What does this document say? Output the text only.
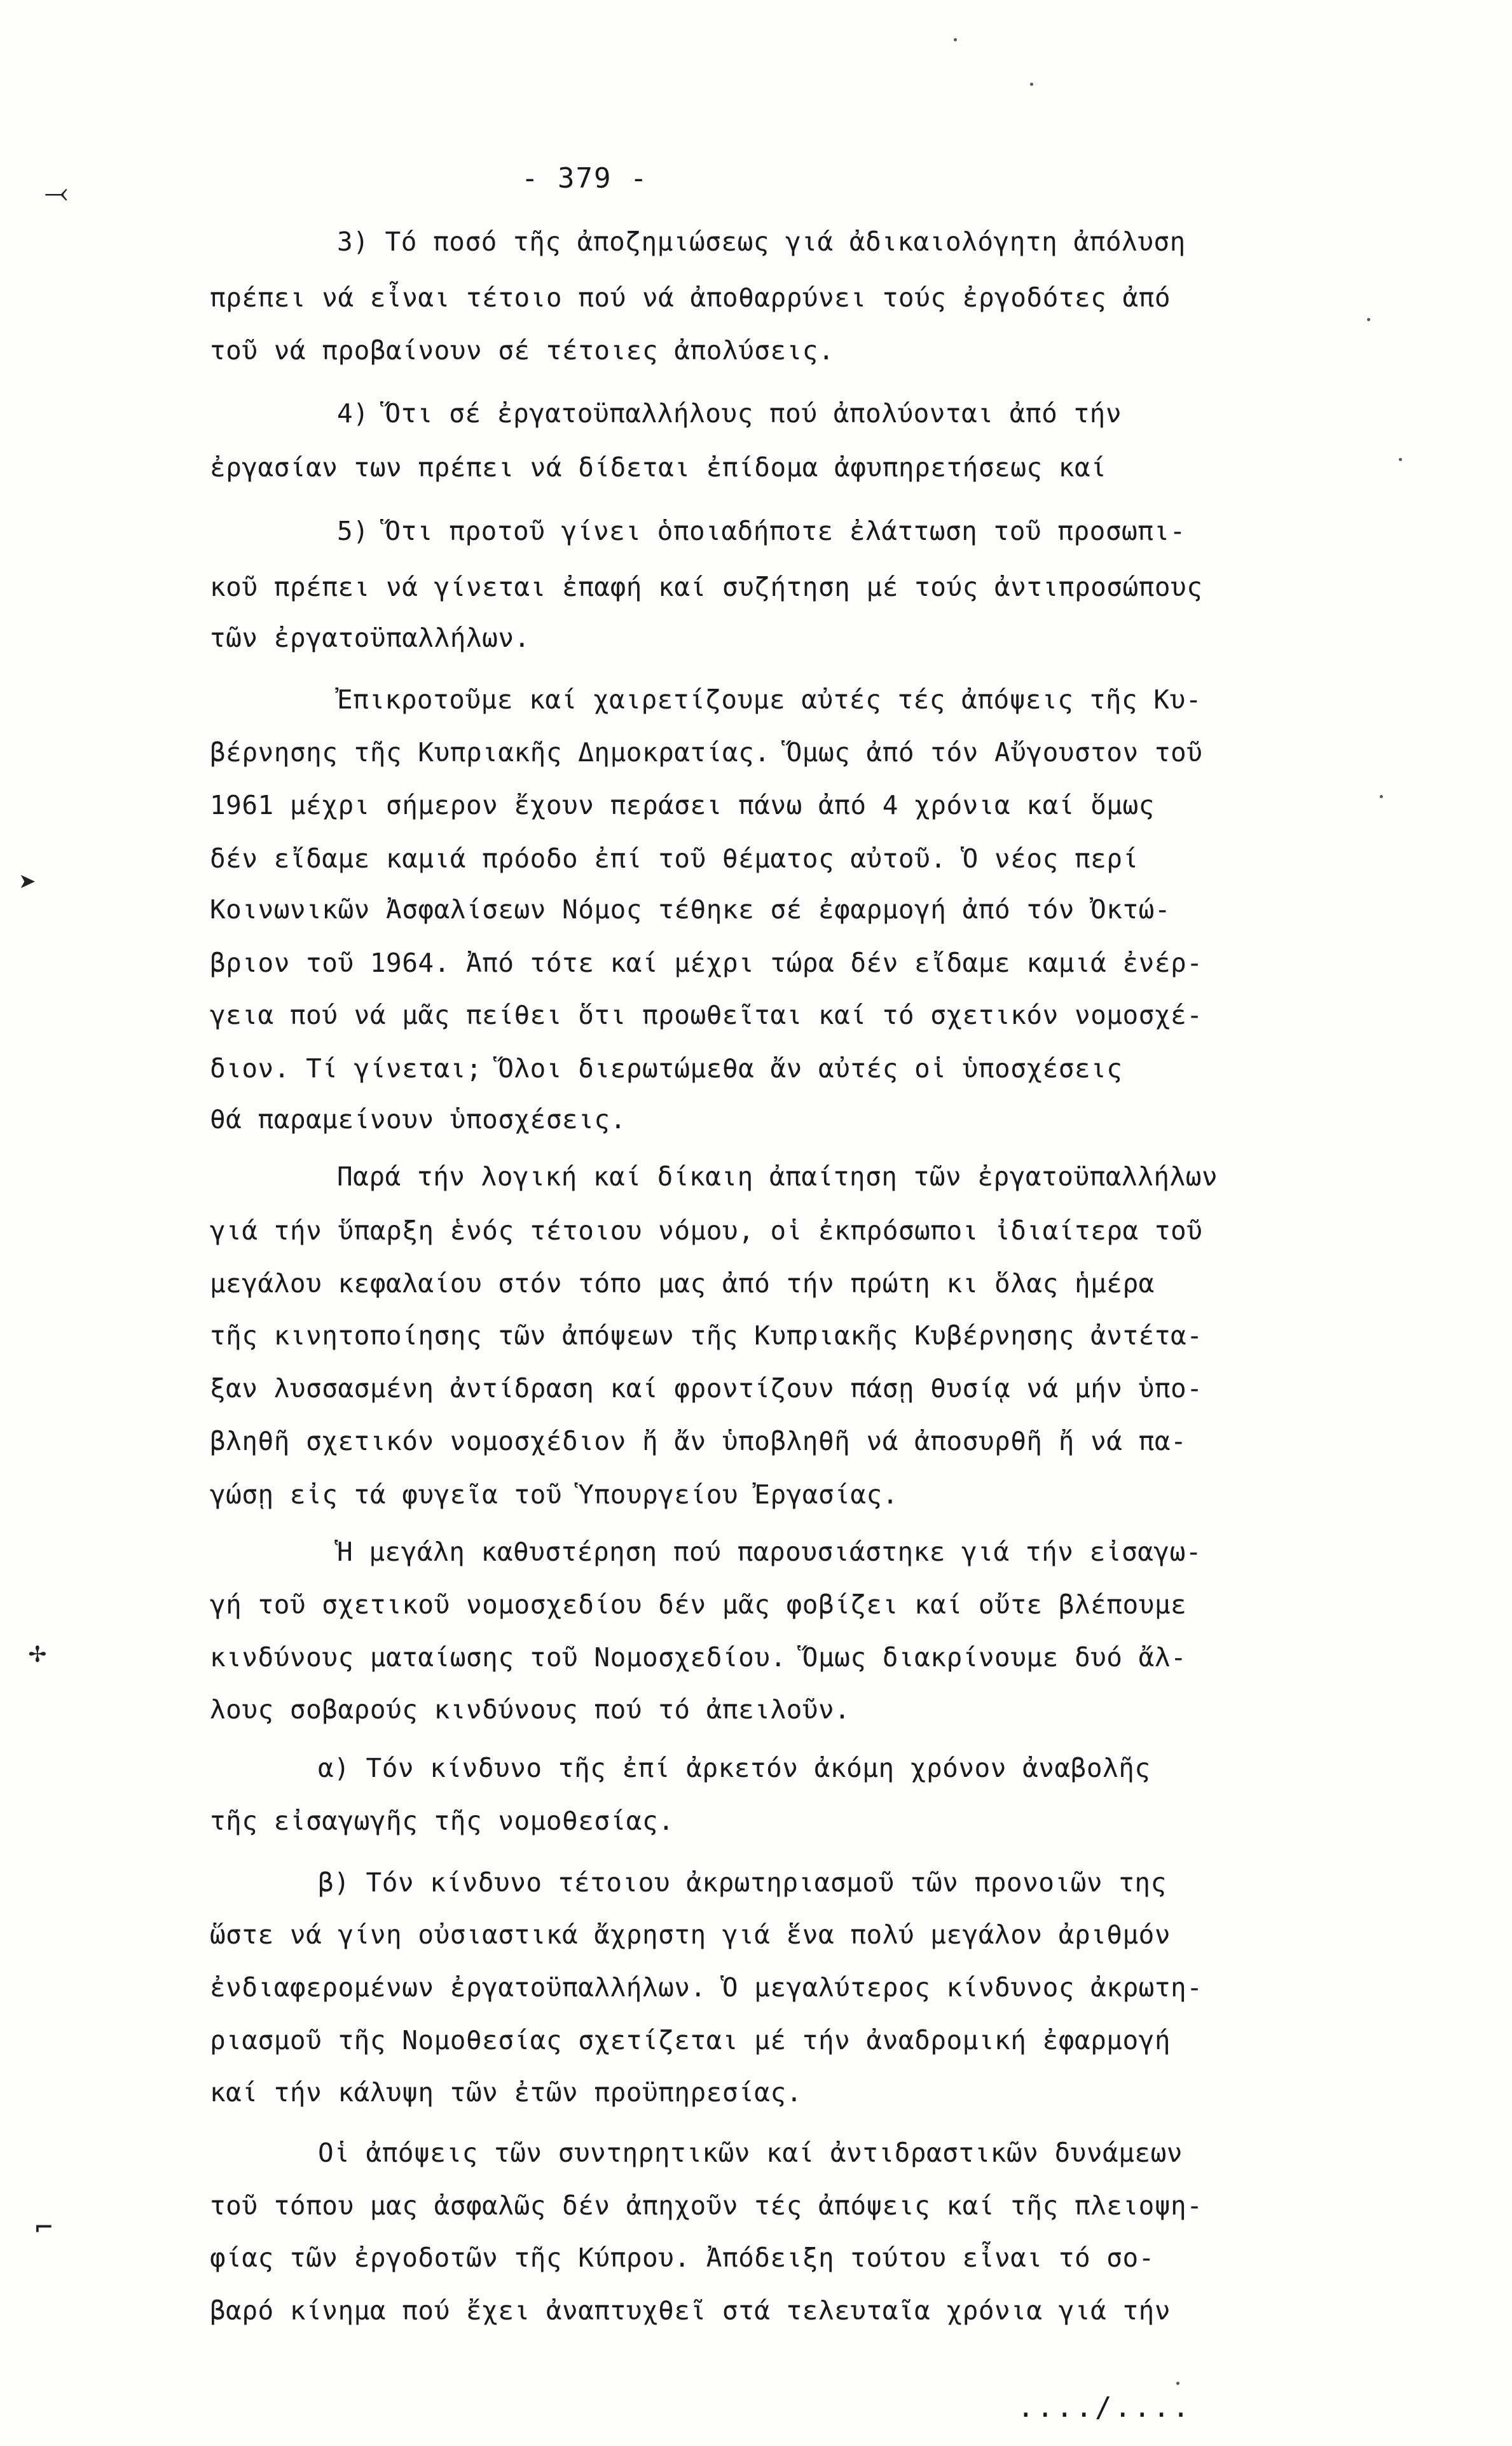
- 379 -
3) Τό ποσό τῆς ἀποζημιώσεως γιά ἀδικαιολόγητη ἀπόλυση
πρέπει νά εἶναι τέτοιο πού νά ἀποθαρρύνει τούς ἐργοδότες ἀπό
τοῦ νά προβαίνουν σέ τέτοιες ἀπολύσεις.
4) Ὅτι σέ ἐργατοϋπαλλήλους πού ἀπολύονται ἀπό τήν
ἐργασίαν των πρέπει νά δίδεται ἐπίδομα ἀφυπηρετήσεως καί
5) Ὅτι προτοῦ γίνει ὁποιαδήποτε ἐλάττωση τοῦ προσωπι-
κοῦ πρέπει νά γίνεται ἐπαφή καί συζήτηση μέ τούς ἀντιπροσώπους
τῶν ἐργατοϋπαλλήλων.
Ἐπικροτοῦμε καί χαιρετίζουμε αὐτές τές ἀπόψεις τῆς Κυ-
βέρνησης τῆς Κυπριακῆς Δημοκρατίας. Ὅμως ἀπό τόν Αὔγουστον τοῦ
1961 μέχρι σήμερον ἔχουν περάσει πάνω ἀπό 4 χρόνια καί ὅμως
δέν εἴδαμε καμιά πρόοδο ἐπί τοῦ θέματος αὐτοῦ. Ὁ νέος περί
Κοινωνικῶν Ἀσφαλίσεων Νόμος τέθηκε σέ ἐφαρμογή ἀπό τόν Ὀκτώ-
βριον τοῦ 1964. Ἀπό τότε καί μέχρι τώρα δέν εἴδαμε καμιά ἐνέρ-
γεια πού νά μᾶς πείθει ὅτι προωθεῖται καί τό σχετικόν νομοσχέ-
διον. Τί γίνεται; Ὅλοι διερωτώμεθα ἄν αὐτές οἱ ὑποσχέσεις
θά παραμείνουν ὑποσχέσεις.
Παρά τήν λογική καί δίκαιη ἀπαίτηση τῶν ἐργατοϋπαλλήλων
γιά τήν ὕπαρξη ἑνός τέτοιου νόμου, οἱ ἐκπρόσωποι ἰδιαίτερα τοῦ
μεγάλου κεφαλαίου στόν τόπο μας ἀπό τήν πρώτη κι ὅλας ἡμέρα
τῆς κινητοποίησης τῶν ἀπόψεων τῆς Κυπριακῆς Κυβέρνησης ἀντέτα-
ξαν λυσσασμένη ἀντίδραση καί φροντίζουν πάσῃ θυσίᾳ νά μήν ὑπο-
βληθῆ σχετικόν νομοσχέδιον ἤ ἄν ὑποβληθῆ νά ἀποσυρθῆ ἤ νά πα-
γώσῃ εἰς τά φυγεῖα τοῦ Ὑπουργείου Ἐργασίας.
Ἡ μεγάλη καθυστέρηση πού παρουσιάστηκε γιά τήν εἰσαγω-
γή τοῦ σχετικοῦ νομοσχεδίου δέν μᾶς φοβίζει καί οὔτε βλέπουμε
κινδύνους ματαίωσης τοῦ Νομοσχεδίου. Ὅμως διακρίνουμε δυό ἄλ-
λους σοβαρούς κινδύνους πού τό ἀπειλοῦν.
α) Τόν κίνδυνο τῆς ἐπί ἀρκετόν ἀκόμη χρόνον ἀναβολῆς
τῆς εἰσαγωγῆς τῆς νομοθεσίας.
β) Τόν κίνδυνο τέτοιου ἀκρωτηριασμοῦ τῶν προνοιῶν της
ὥστε νά γίνη οὐσιαστικά ἄχρηστη γιά ἕνα πολύ μεγάλον ἀριθμόν
ἐνδιαφερομένων ἐργατοϋπαλλήλων. Ὁ μεγαλύτερος κίνδυνος ἀκρωτη-
ριασμοῦ τῆς Νομοθεσίας σχετίζεται μέ τήν ἀναδρομική ἐφαρμογή
καί τήν κάλυψη τῶν ἐτῶν προϋπηρεσίας.
Οἱ ἀπόψεις τῶν συντηρητικῶν καί ἀντιδραστικῶν δυνάμεων
τοῦ τόπου μας ἀσφαλῶς δέν ἀπηχοῦν τές ἀπόψεις καί τῆς πλειοψη-
φίας τῶν ἐργοδοτῶν τῆς Κύπρου. Ἀπόδειξη τούτου εἶναι τό σο-
βαρό κίνημα πού ἔχει ἀναπτυχθεῖ στά τελευταῖα χρόνια γιά τήν
..../....
⤙
➤
✢
⌐
